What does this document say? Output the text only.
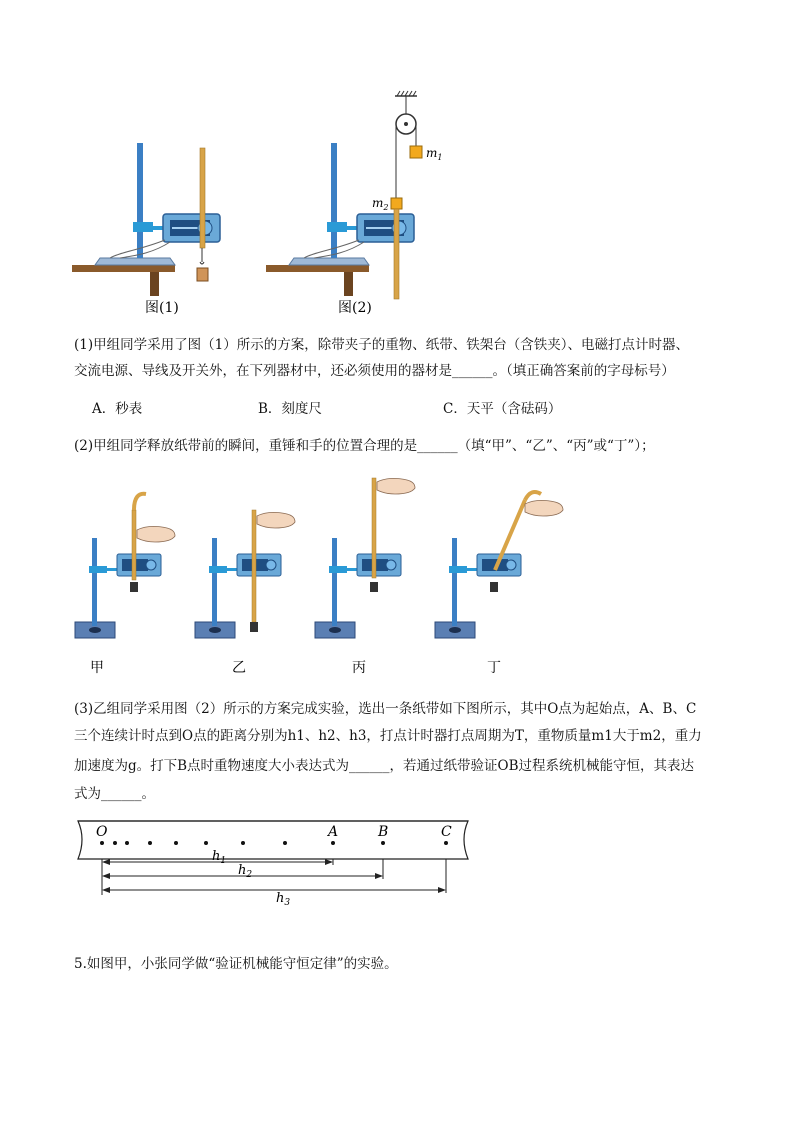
图(1)	图(2)
$m_1$
$m_2$
(1)甲组同学采用了图（1）所示的方案，除带夹子的重物、纸带、铁架台（含铁夹）、电磁打点计时器、
交流电源、导线及开关外，在下列器材中，还必须使用的器材是______。（填正确答案前的字母标号）
A．秒表	B．刻度尺	C．天平（含砝码）
(2)甲组同学释放纸带前的瞬间，重锤和手的位置合理的是______（填“甲”、“乙”、“丙”或“丁”）；
甲	乙	丙	丁
(3)乙组同学采用图（2）所示的方案完成实验，选出一条纸带如下图所示，其中O点为起始点，A、B、C
三个连续计时点到O点的距离分别为h1、h2、h3，打点计时器打点周期为T，重物质量m1大于m2，重力
加速度为g。打下B点时重物速度大小表达式为______，若通过纸带验证OB过程系统机械能守恒，其表达
式为______。
O	A	B	C
$h_1$
$h_2$
$h_3$
5.如图甲，小张同学做“验证机械能守恒定律”的实验。
